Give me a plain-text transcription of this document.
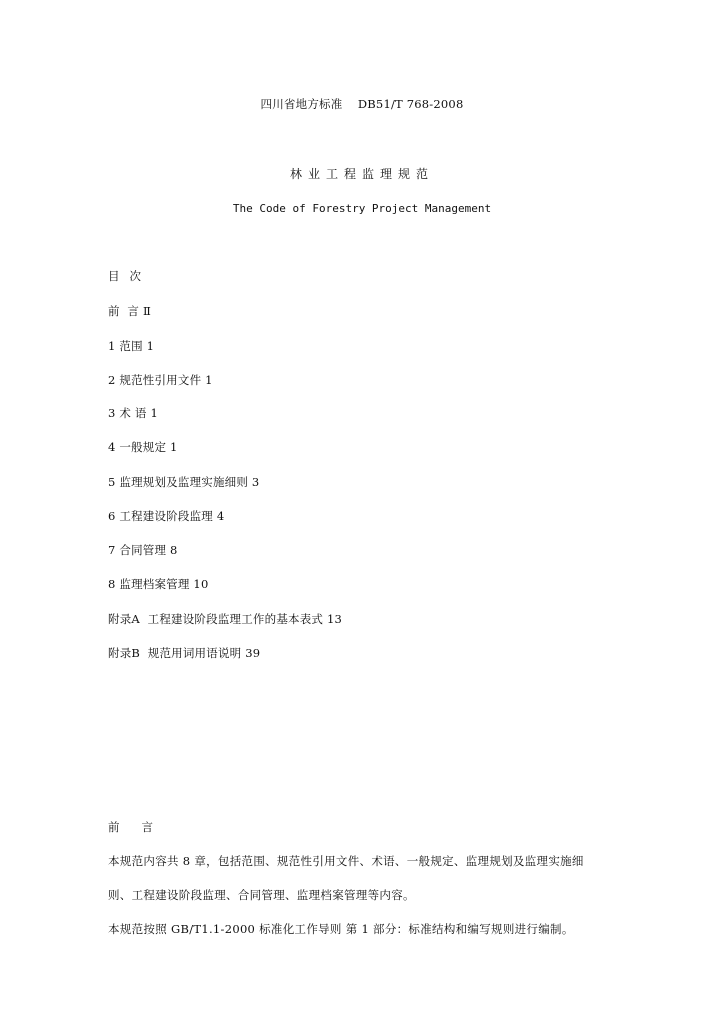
四川省地方标准    DB51/T 768-2008
林业工程监理规范
The Code of Forestry Project Management
目次
前  言 Ⅱ
1 范围 1
2 规范性引用文件 1
3 术 语 1
4 一般规定 1
5 监理规划及监理实施细则 3
6 工程建设阶段监理 4
7 合同管理 8
8 监理档案管理 10
附录A  工程建设阶段监理工作的基本表式 13
附录B  规范用词用语说明 39
前言
本规范内容共 8 章，包括范围、规范性引用文件、术语、一般规定、监理规划及监理实施细
则、工程建设阶段监理、合同管理、监理档案管理等内容。
本规范按照 GB/T1.1-2000 标准化工作导则 第 1 部分：标准结构和编写规则进行编制。
